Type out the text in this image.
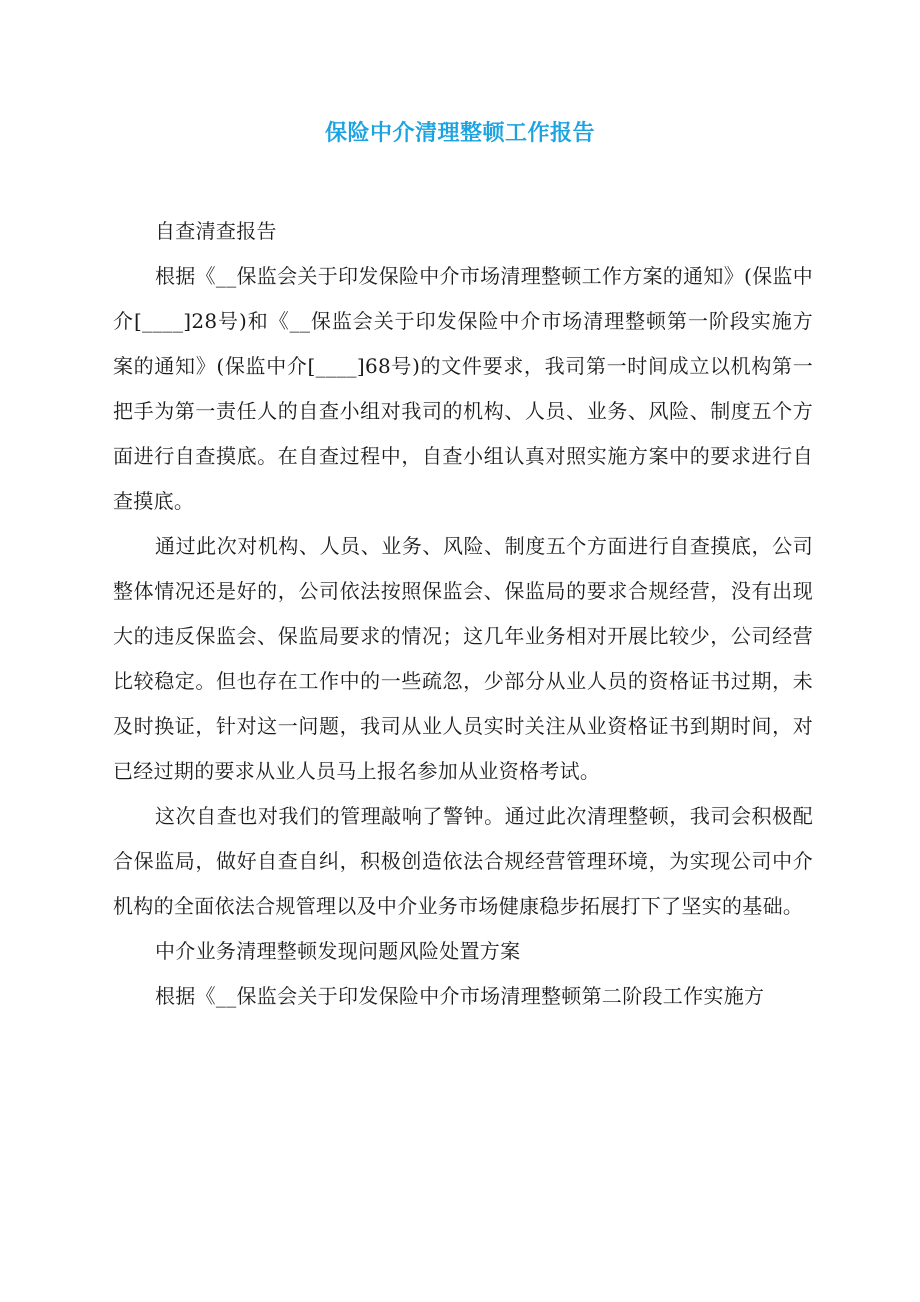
保险中介清理整顿工作报告

自查清查报告

根据《__保监会关于印发保险中介市场清理整顿工作方案的通知》(保监中介[____]28号)和《__保监会关于印发保险中介市场清理整顿第一阶段实施方案的通知》(保监中介[____]68号)的文件要求，我司第一时间成立以机构第一把手为第一责任人的自查小组对我司的机构、人员、业务、风险、制度五个方面进行自查摸底。在自查过程中，自查小组认真对照实施方案中的要求进行自查摸底。

通过此次对机构、人员、业务、风险、制度五个方面进行自查摸底，公司整体情况还是好的，公司依法按照保监会、保监局的要求合规经营，没有出现大的违反保监会、保监局要求的情况；这几年业务相对开展比较少，公司经营比较稳定。但也存在工作中的一些疏忽，少部分从业人员的资格证书过期，未及时换证，针对这一问题，我司从业人员实时关注从业资格证书到期时间，对已经过期的要求从业人员马上报名参加从业资格考试。

这次自查也对我们的管理敲响了警钟。通过此次清理整顿，我司会积极配合保监局，做好自查自纠，积极创造依法合规经营管理环境，为实现公司中介机构的全面依法合规管理以及中介业务市场健康稳步拓展打下了坚实的基础。

中介业务清理整顿发现问题风险处置方案

根据《__保监会关于印发保险中介市场清理整顿第二阶段工作实施方
